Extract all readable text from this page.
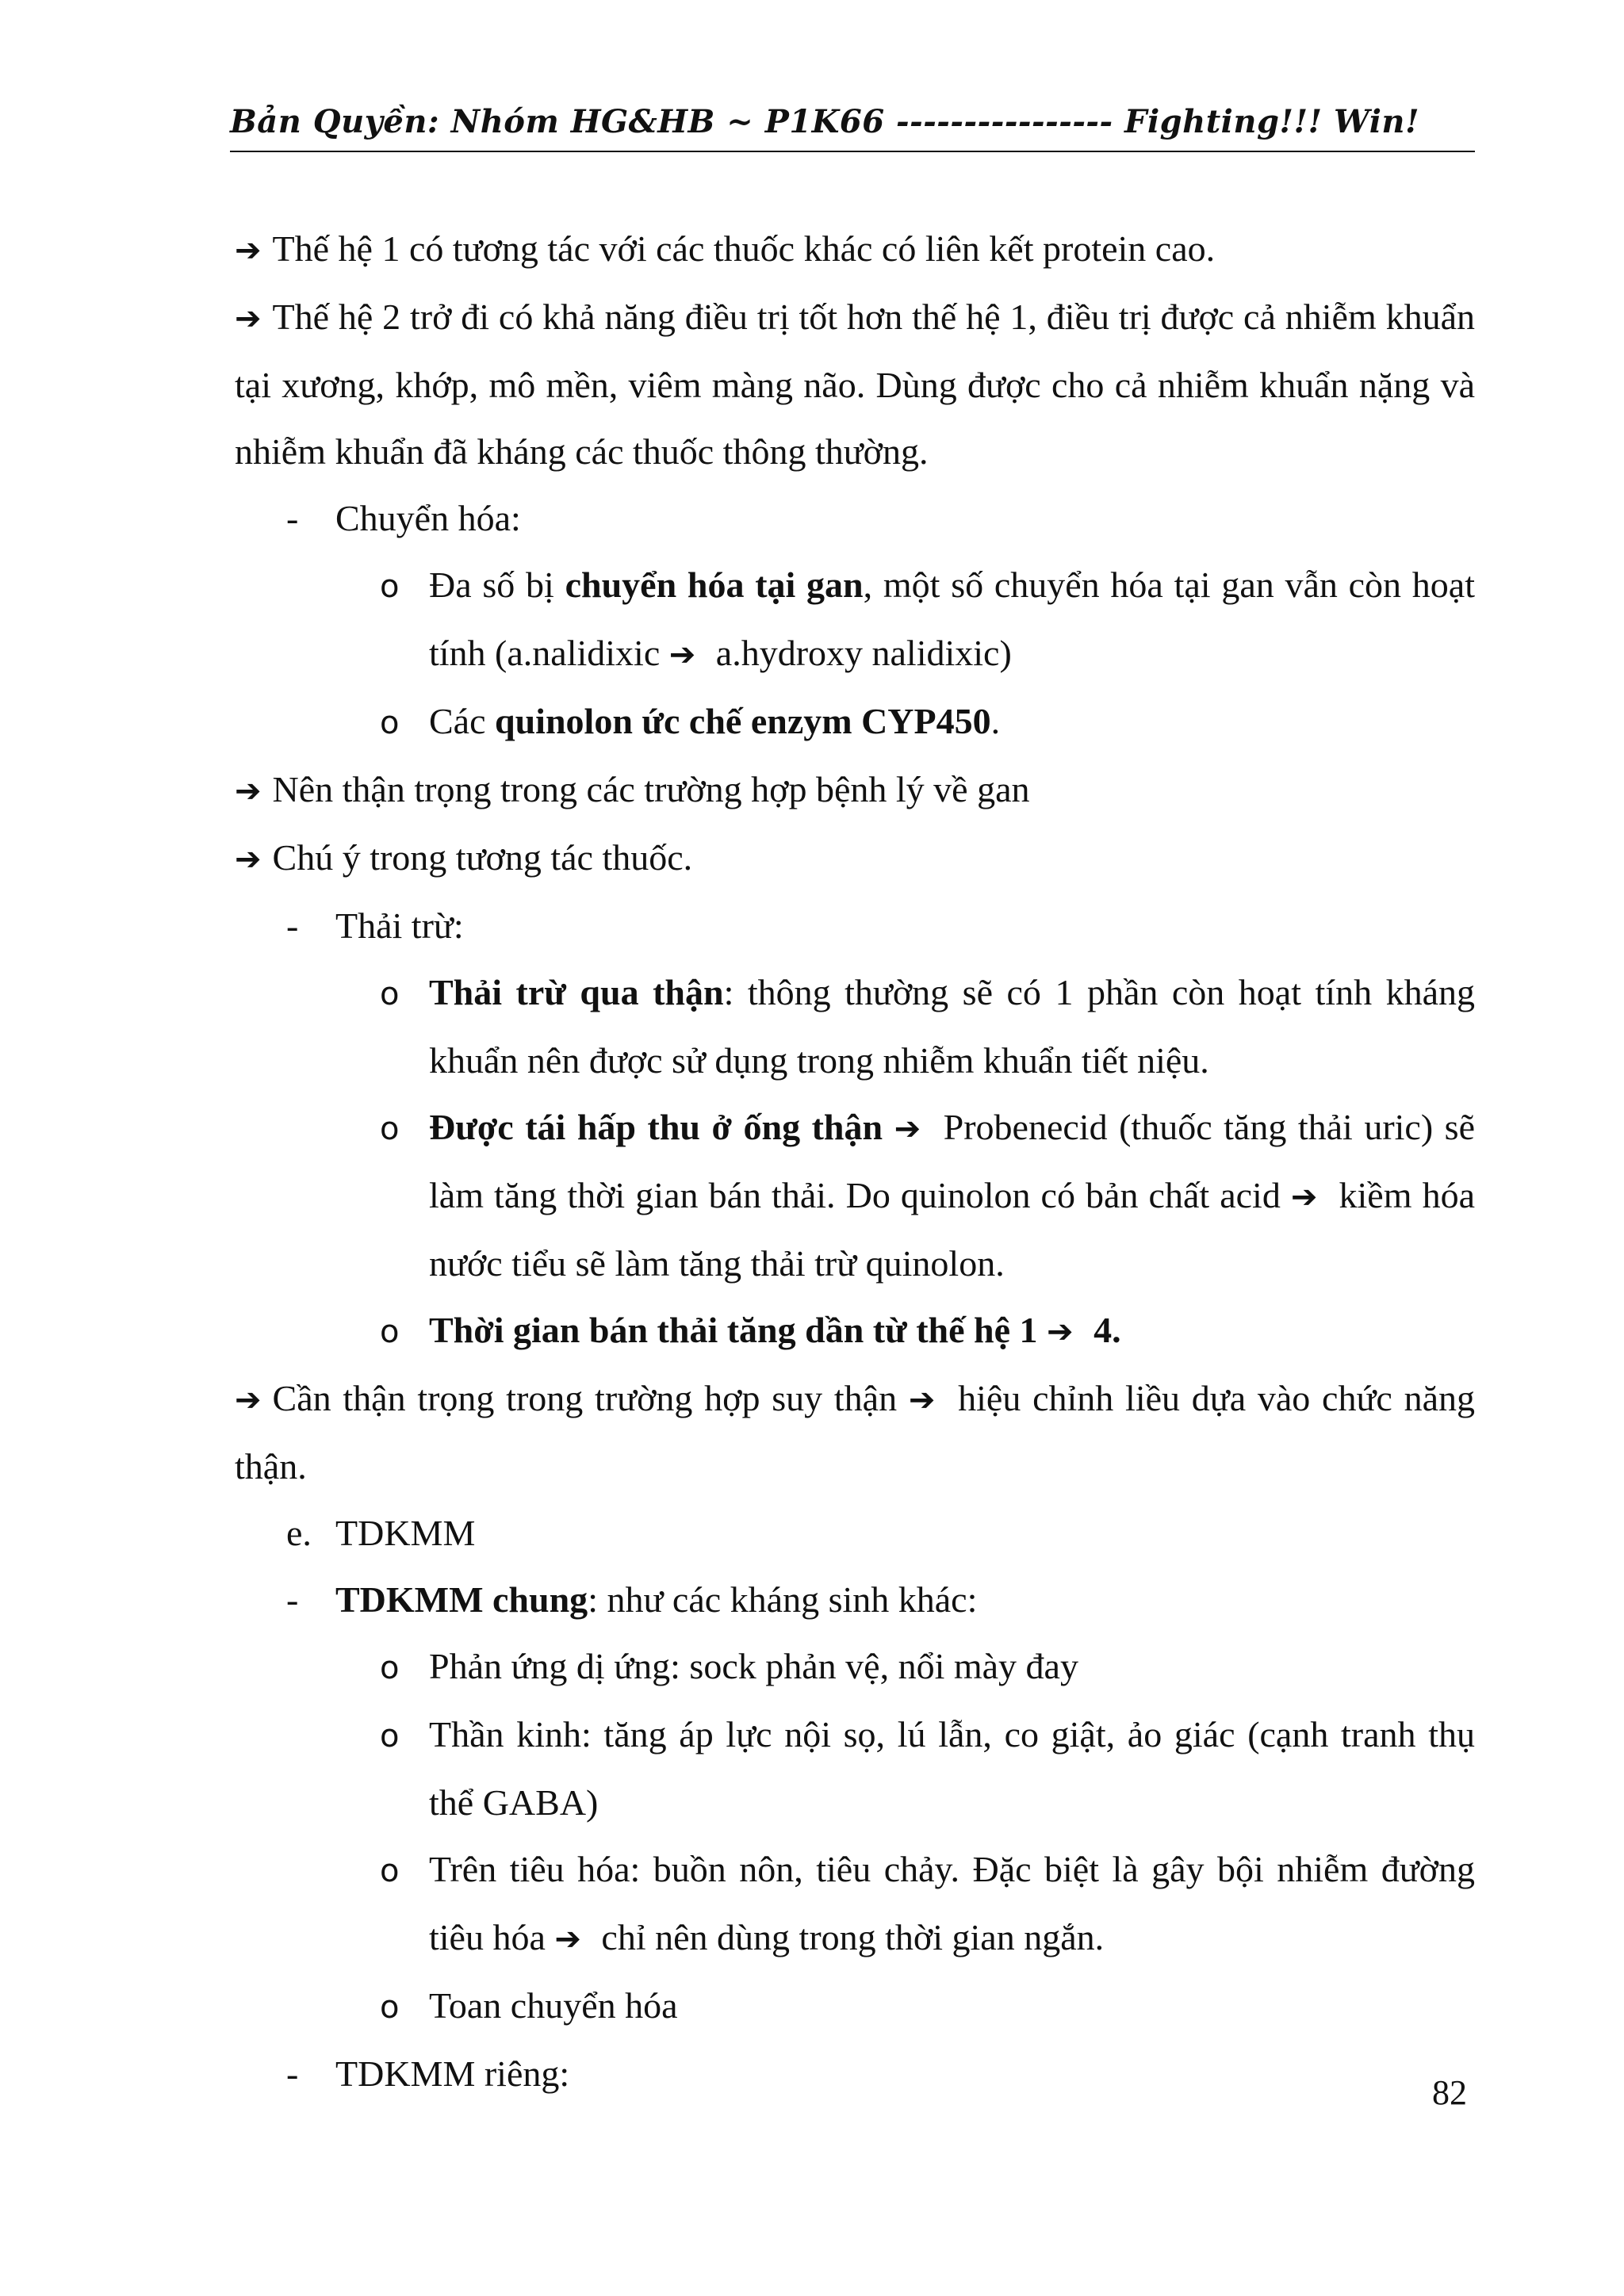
Bản Quyền: Nhóm HG&HB ~ P1K66 ---------------- Fighting!!! Win!
➔ Thế hệ 1 có tương tác với các thuốc khác có liên kết protein cao.
➔ Thế hệ 2 trở đi có khả năng điều trị tốt hơn thế hệ 1, điều trị được cả nhiễm khuẩn tại xương, khớp, mô mền, viêm màng não. Dùng được cho cả nhiễm khuẩn nặng và nhiễm khuẩn đã kháng các thuốc thông thường.
- Chuyển hóa:
o Đa số bị chuyển hóa tại gan, một số chuyển hóa tại gan vẫn còn hoạt tính (a.nalidixic ➔ a.hydroxy nalidixic)
o Các quinolon ức chế enzym CYP450.
➔ Nên thận trọng trong các trường hợp bệnh lý về gan
➔ Chú ý trong tương tác thuốc.
- Thải trừ:
o Thải trừ qua thận: thông thường sẽ có 1 phần còn hoạt tính kháng khuẩn nên được sử dụng trong nhiễm khuẩn tiết niệu.
o Được tái hấp thu ở ống thận ➔ Probenecid (thuốc tăng thải uric) sẽ làm tăng thời gian bán thải. Do quinolon có bản chất acid ➔ kiềm hóa nước tiểu sẽ làm tăng thải trừ quinolon.
o Thời gian bán thải tăng dần từ thế hệ 1 ➔ 4.
➔ Cần thận trọng trong trường hợp suy thận ➔ hiệu chỉnh liều dựa vào chức năng thận.
e. TDKMM
- TDKMM chung: như các kháng sinh khác:
o Phản ứng dị ứng: sock phản vệ, nổi mày đay
o Thần kinh: tăng áp lực nội sọ, lú lẫn, co giật, ảo giác (cạnh tranh thụ thể GABA)
o Trên tiêu hóa: buồn nôn, tiêu chảy. Đặc biệt là gây bội nhiễm đường tiêu hóa ➔ chỉ nên dùng trong thời gian ngắn.
o Toan chuyển hóa
- TDKMM riêng:	82
